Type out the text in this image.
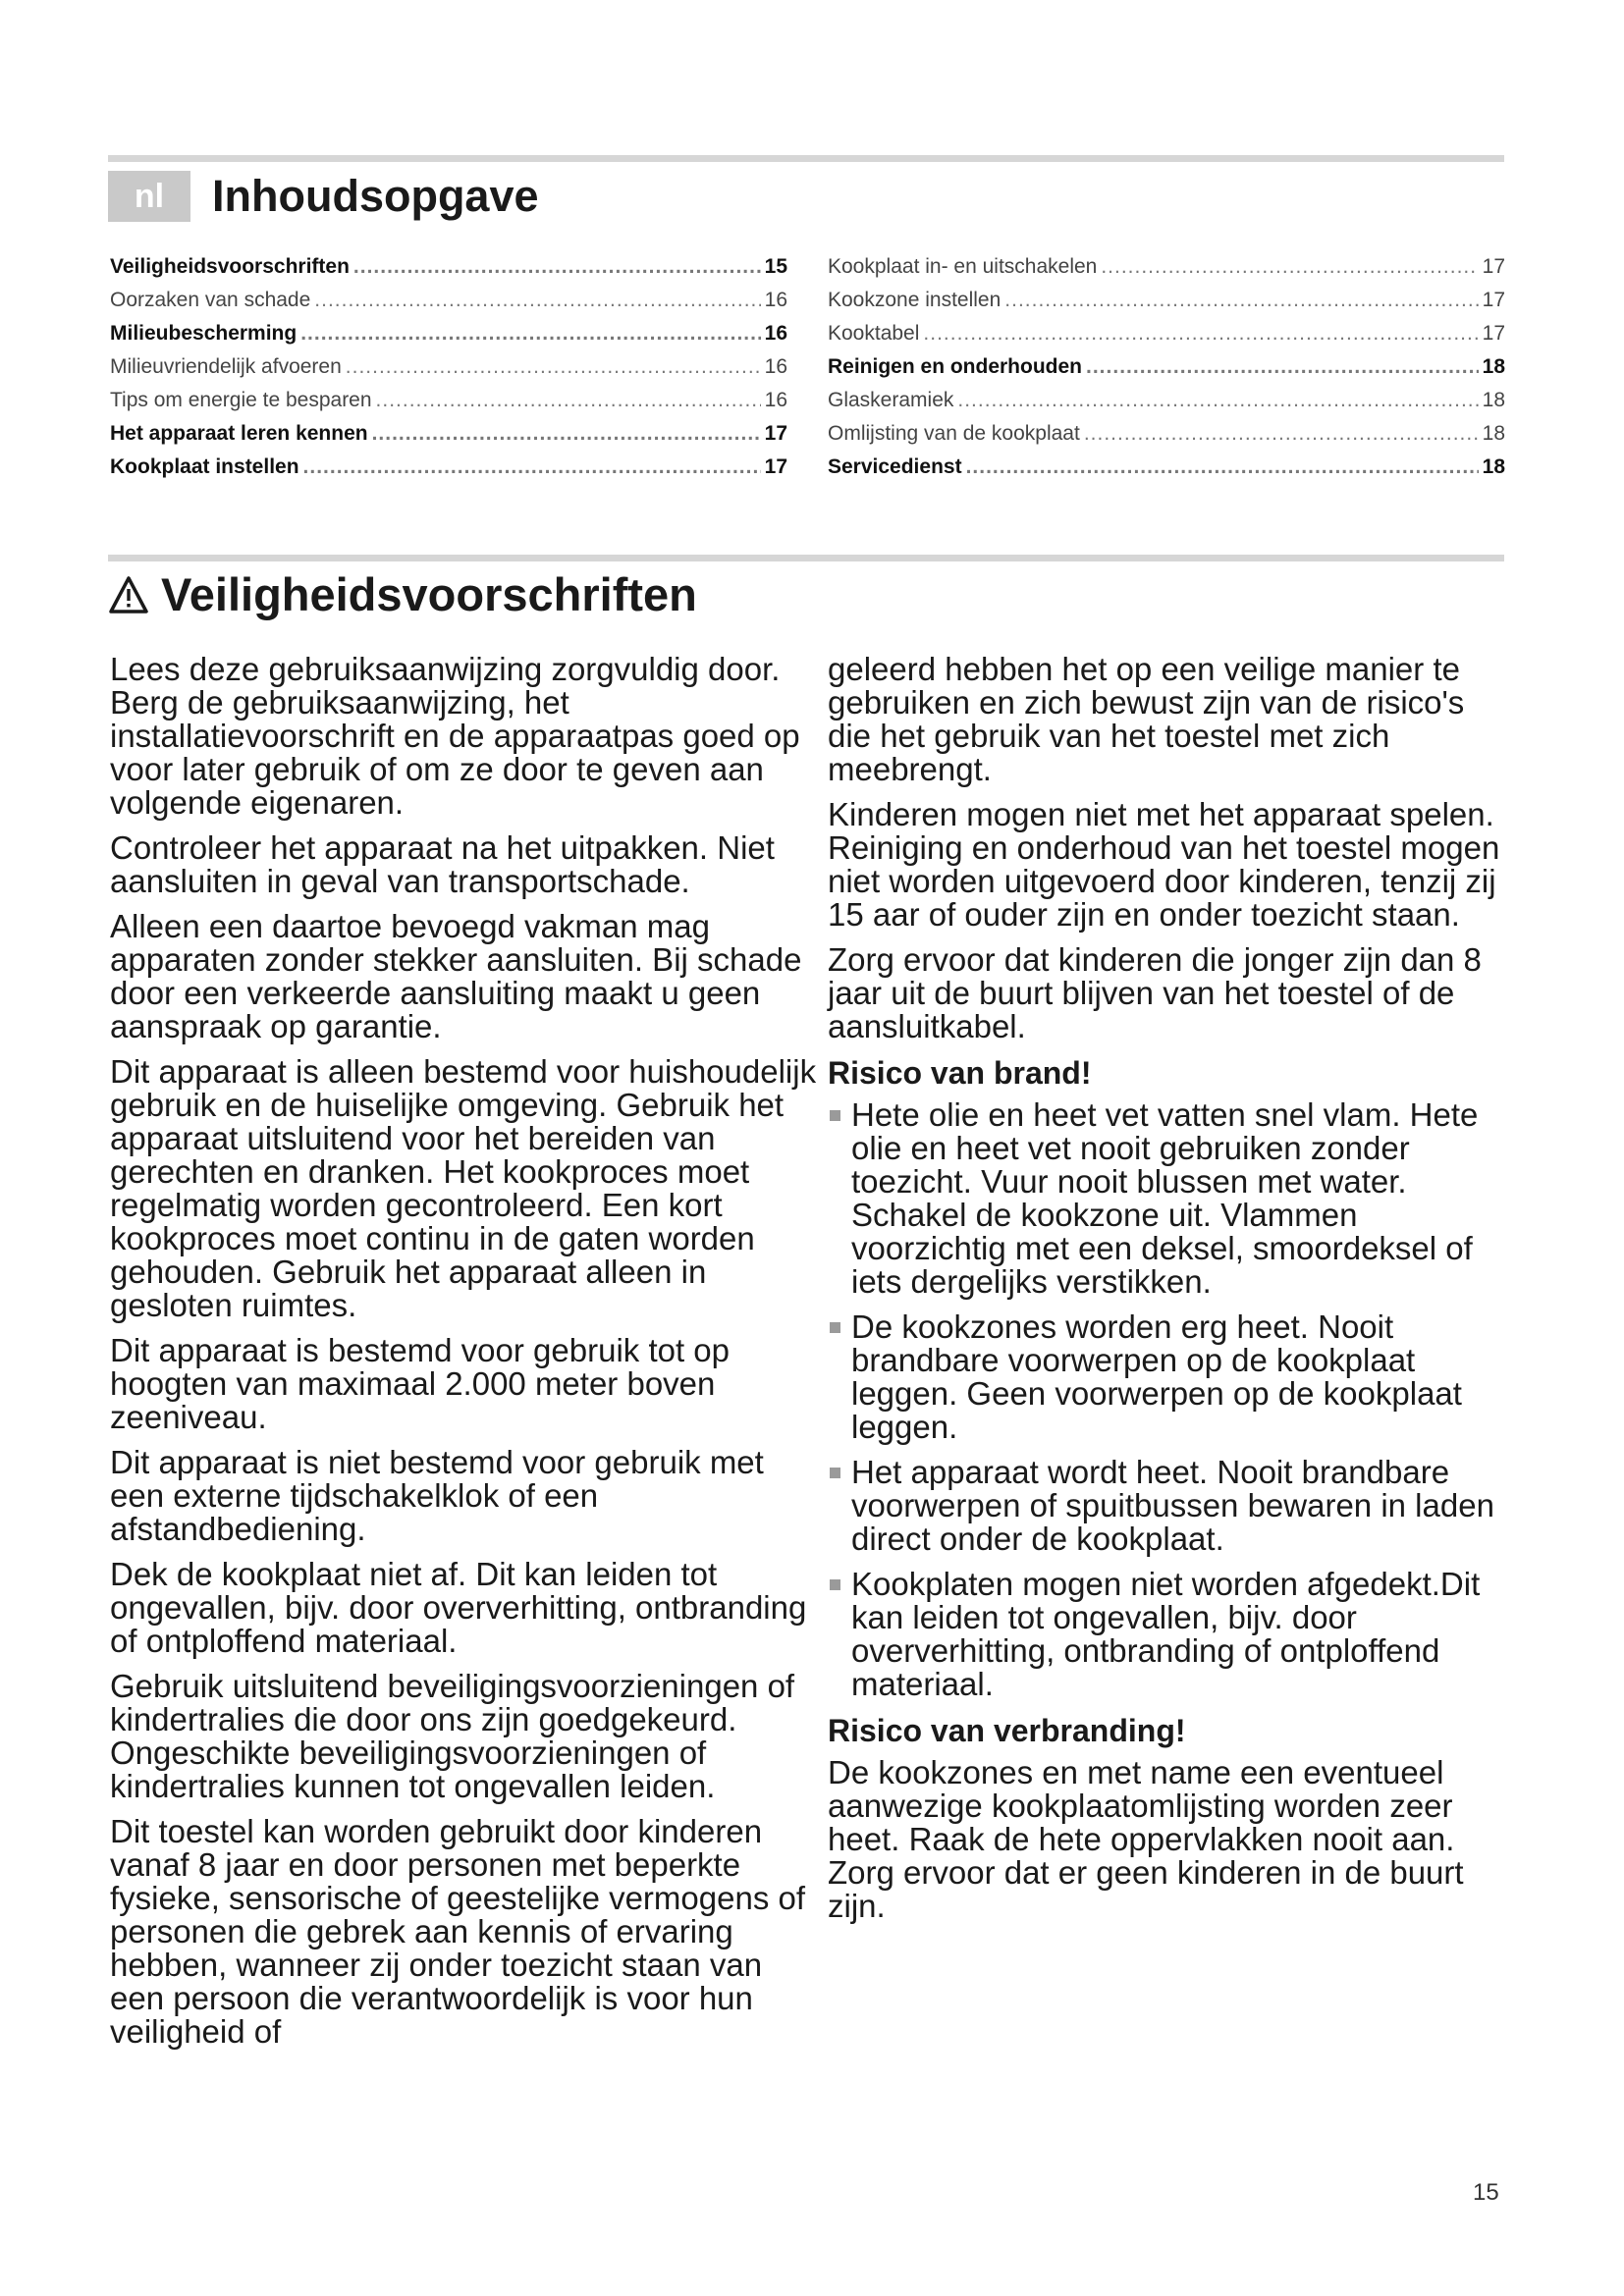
nl	Inhoudsopgave
Veiligheidsvoorschriften .....	15
Oorzaken van schade .....	16
Milieubescherming .....	16
Milieuvriendelijk afvoeren .....	16
Tips om energie te besparen .....	16
Het apparaat leren kennen .....	17
Kookplaat instellen .....	17
Kookplaat in- en uitschakelen .....	17
Kookzone instellen .....	17
Kooktabel .....	17
Reinigen en onderhouden .....	18
Glaskeramiek .....	18
Omlijsting van de kookplaat .....	18
Servicedienst .....	18
Veiligheidsvoorschriften

Lees deze gebruiksaanwijzing zorgvuldig door. Berg de gebruiksaanwijzing, het installatievoorschrift en de apparaatpas goed op voor later gebruik of om ze door te geven aan volgende eigenaren.

Controleer het apparaat na het uitpakken. Niet aansluiten in geval van transportschade.

Alleen een daartoe bevoegd vakman mag apparaten zonder stekker aansluiten. Bij schade door een verkeerde aansluiting maakt u geen aanspraak op garantie.

Dit apparaat is alleen bestemd voor huishoudelijk gebruik en de huiselijke omgeving. Gebruik het apparaat uitsluitend voor het bereiden van gerechten en dranken. Het kookproces moet regelmatig worden gecontroleerd. Een kort kookproces moet continu in de gaten worden gehouden. Gebruik het apparaat alleen in gesloten ruimtes.

Dit apparaat is bestemd voor gebruik tot op hoogten van maximaal 2.000 meter boven zeeniveau.

Dit apparaat is niet bestemd voor gebruik met een externe tijdschakelklok of een afstandbediening.

Dek de kookplaat niet af. Dit kan leiden tot ongevallen, bijv. door oververhitting, ontbranding of ontploffend materiaal.

Gebruik uitsluitend beveiligingsvoorzieningen of kindertralies die door ons zijn goedgekeurd. Ongeschikte beveiligingsvoorzieningen of kindertralies kunnen tot ongevallen leiden.

Dit toestel kan worden gebruikt door kinderen vanaf 8 jaar en door personen met beperkte fysieke, sensorische of geestelijke vermogens of personen die gebrek aan kennis of ervaring hebben, wanneer zij onder toezicht staan van een persoon die verantwoordelijk is voor hun veiligheid of

geleerd hebben het op een veilige manier te gebruiken en zich bewust zijn van de risico's die het gebruik van het toestel met zich meebrengt.

Kinderen mogen niet met het apparaat spelen. Reiniging en onderhoud van het toestel mogen niet worden uitgevoerd door kinderen, tenzij zij 15 aar of ouder zijn en onder toezicht staan.

Zorg ervoor dat kinderen die jonger zijn dan 8 jaar uit de buurt blijven van het toestel of de aansluitkabel.

Risico van brand!
Hete olie en heet vet vatten snel vlam. Hete olie en heet vet nooit gebruiken zonder toezicht. Vuur nooit blussen met water. Schakel de kookzone uit. Vlammen voorzichtig met een deksel, smoordeksel of iets dergelijks verstikken.
De kookzones worden erg heet. Nooit brandbare voorwerpen op de kookplaat leggen. Geen voorwerpen op de kookplaat leggen.
Het apparaat wordt heet. Nooit brandbare voorwerpen of spuitbussen bewaren in laden direct onder de kookplaat.
Kookplaten mogen niet worden afgedekt.Dit kan leiden tot ongevallen, bijv. door oververhitting, ontbranding of ontploffend materiaal.
Risico van verbranding!

De kookzones en met name een eventueel aanwezige kookplaatomlijsting worden zeer heet. Raak de hete oppervlakken nooit aan. Zorg ervoor dat er geen kinderen in de buurt zijn.

15
